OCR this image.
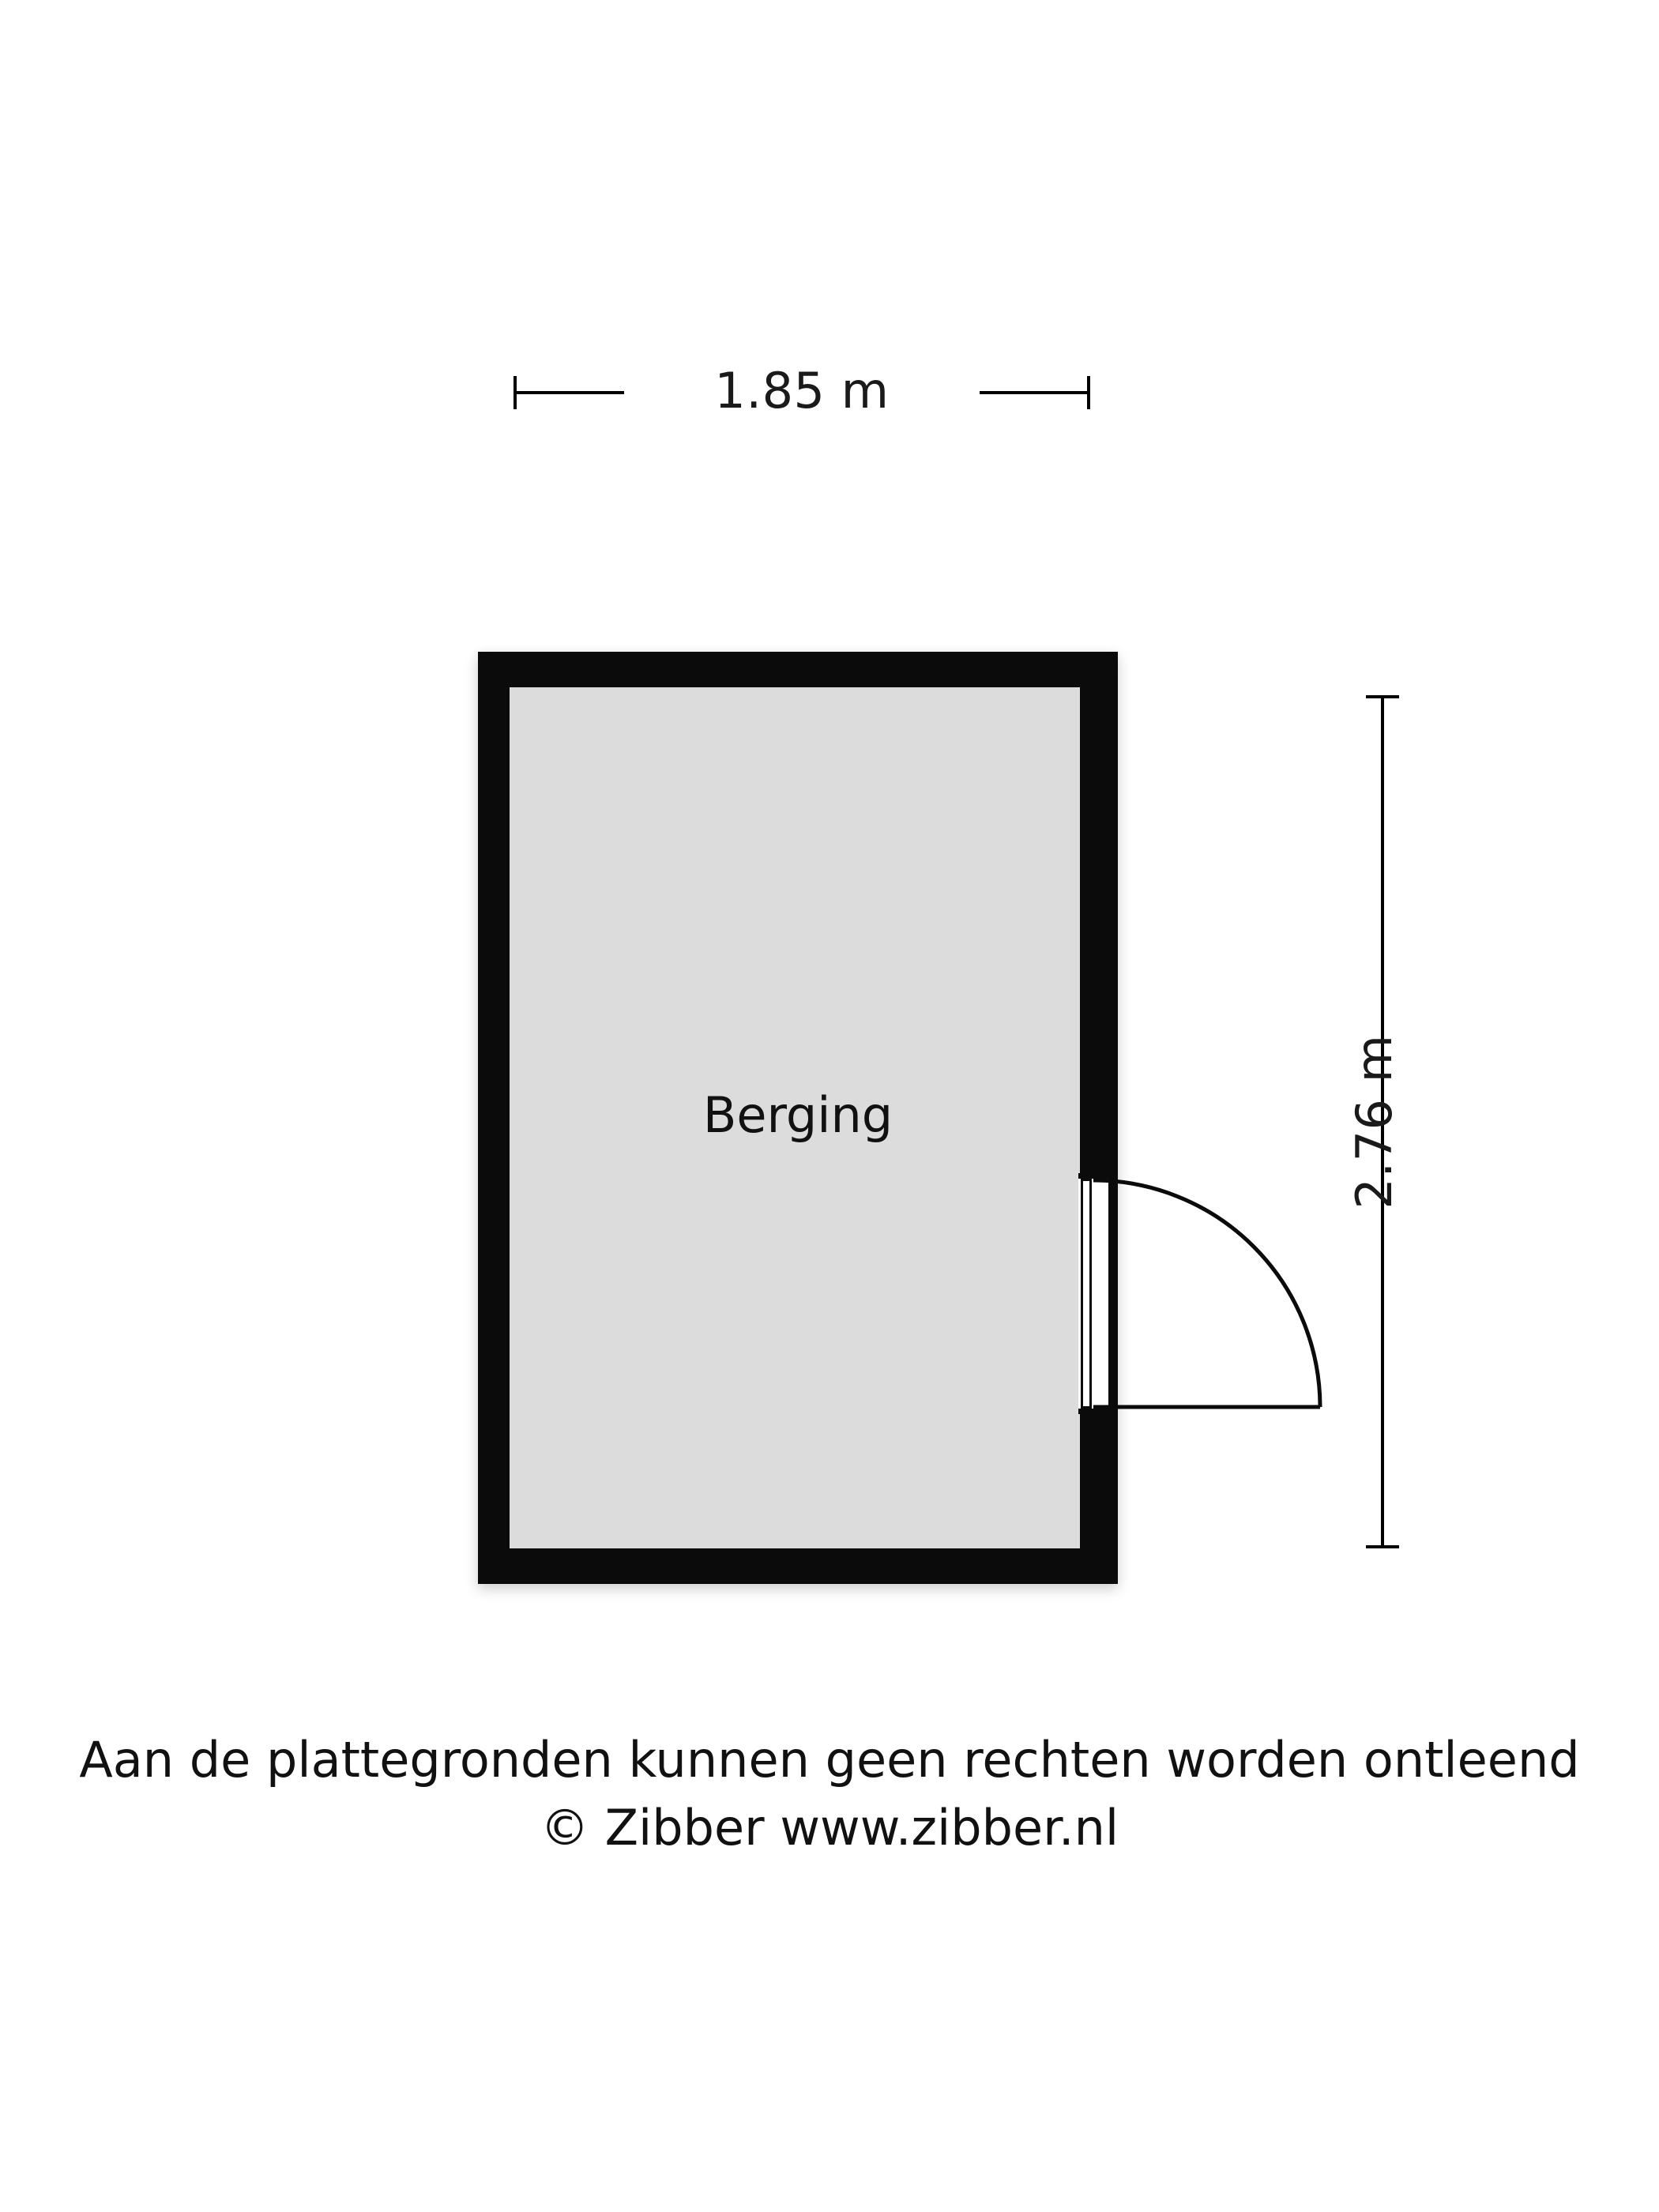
1.85 m
2.76 m
Berging
Aan de plattegronden kunnen geen rechten worden ontleend
© Zibber www.zibber.nl
